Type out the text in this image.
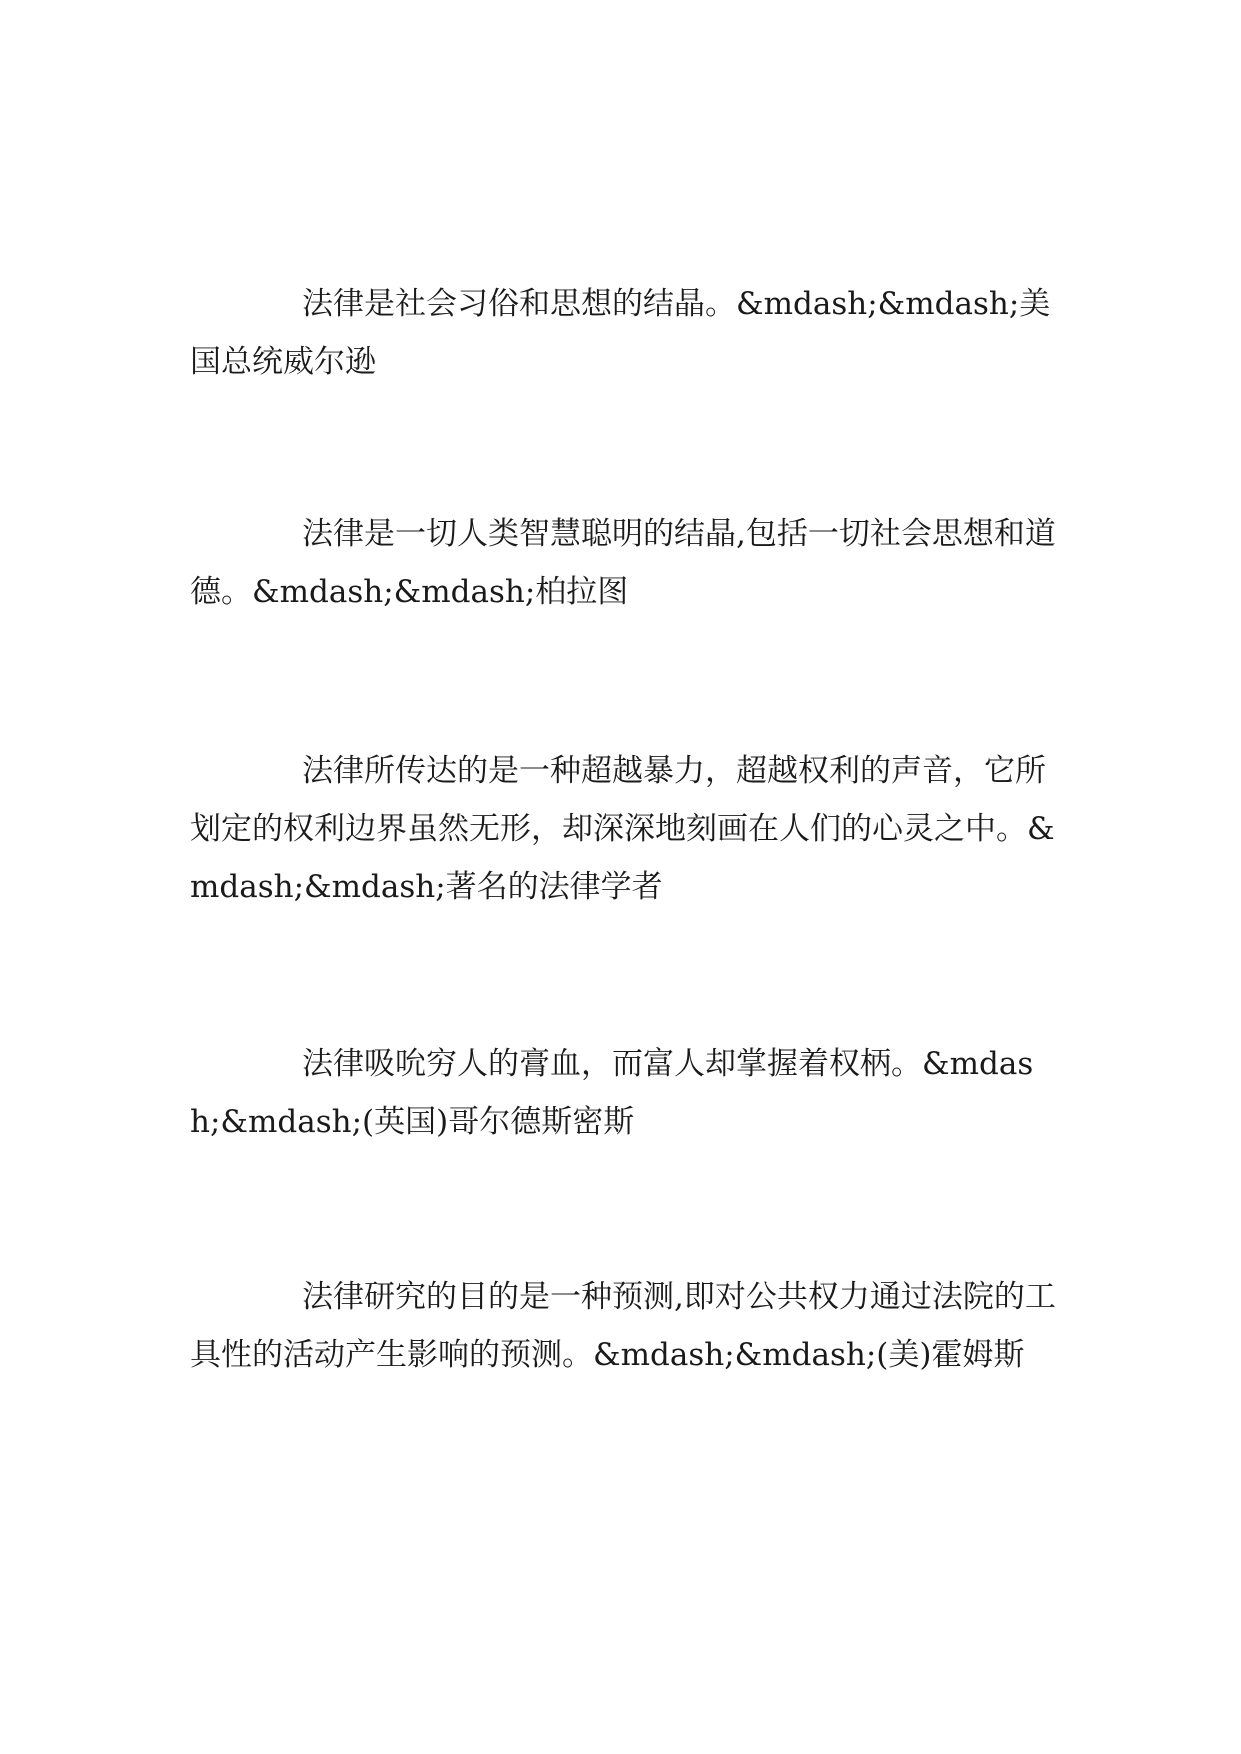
法律是社会习俗和思想的结晶。&mdash;&mdash;美国总统威尔逊

法律是一切人类智慧聪明的结晶,包括一切社会思想和道德。&mdash;&mdash;柏拉图

法律所传达的是一种超越暴力，超越权利的声音，它所划定的权利边界虽然无形，却深深地刻画在人们的心灵之中。&mdash;&mdash;著名的法律学者

法律吸吮穷人的膏血，而富人却掌握着权柄。&mdash;&mdash;(英国)哥尔德斯密斯

法律研究的目的是一种预测,即对公共权力通过法院的工具性的活动产生影响的预测。&mdash;&mdash;(美)霍姆斯
